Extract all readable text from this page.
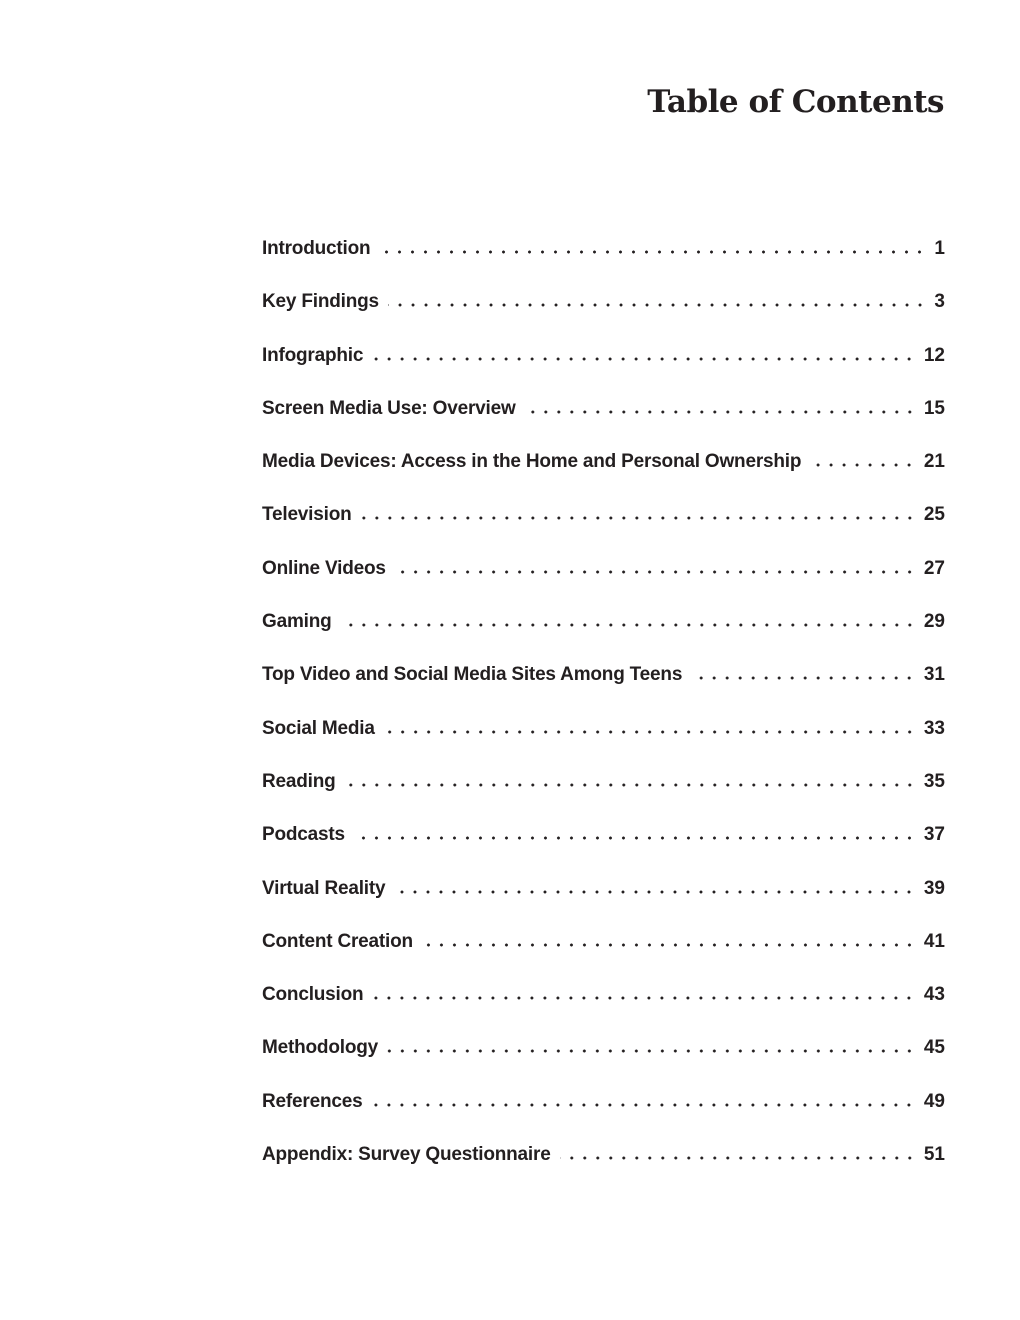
Table of Contents
Introduction	1
Key Findings	3
Infographic	12
Screen Media Use: Overview	15
Media Devices: Access in the Home and Personal Ownership	21
Television	25
Online Videos	27
Gaming	29
Top Video and Social Media Sites Among Teens	31
Social Media	33
Reading	35
Podcasts	37
Virtual Reality	39
Content Creation	41
Conclusion	43
Methodology	45
References	49
Appendix: Survey Questionnaire	51
